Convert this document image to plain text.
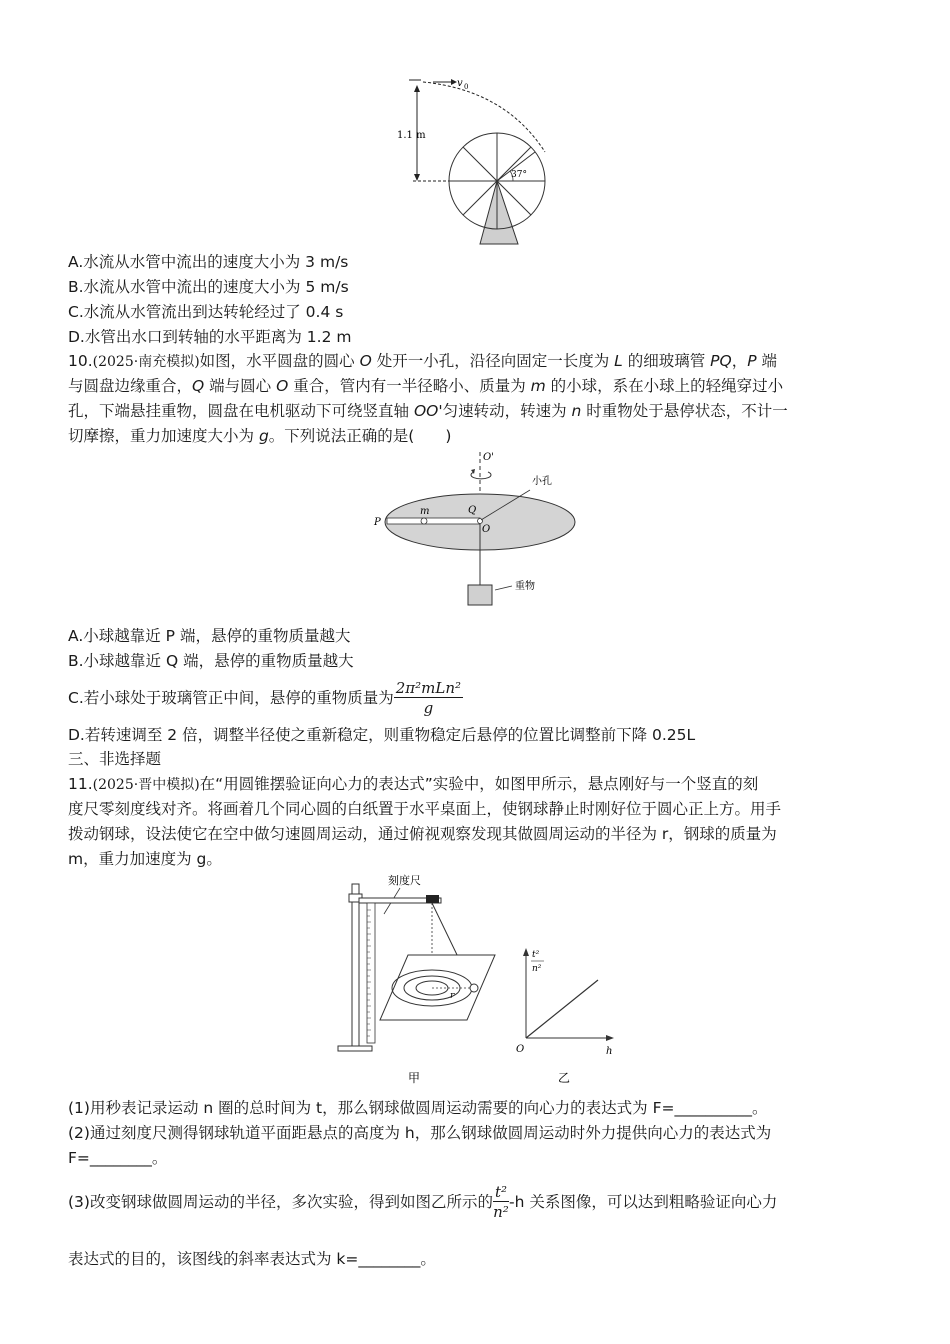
v 0
1.1 m
37°
A.水流从水管中流出的速度大小为 3 m/s
B.水流从水管中流出的速度大小为 5 m/s
C.水流从水管流出到达转轮经过了 0.4 s
D.水管出水口到转轴的水平距离为 1.2 m
10.(2025·南充模拟)如图，水平圆盘的圆心 O 处开一小孔，沿径向固定一长度为 L 的细玻璃管 PQ，P 端
与圆盘边缘重合，Q 端与圆心 O 重合，管内有一半径略小、质量为 m 的小球，系在小球上的轻绳穿过小
孔，下端悬挂重物，圆盘在电机驱动下可绕竖直轴 OO'匀速转动，转速为 n 时重物处于悬停状态，不计一
切摩擦，重力加速度大小为 g。下列说法正确的是(　　)
O'
P
m	Q
O
小孔
重物
A.小球越靠近 P 端，悬停的重物质量越大
B.小球越靠近 Q 端，悬停的重物质量越大
C.若小球处于玻璃管正中间，悬停的重物质量为 $\frac{\text{2π²mLn²}}{g}$
D.若转速调至 2 倍，调整半径使之重新稳定，则重物稳定后悬停的位置比调整前下降 0.25L
三、非选择题
11.(2025·晋中模拟)在“用圆锥摆验证向心力的表达式”实验中，如图甲所示，悬点刚好与一个竖直的刻
度尺零刻度线对齐。将画着几个同心圆的白纸置于水平桌面上，使钢球静止时刚好位于圆心正上方。用手
拨动钢球，设法使它在空中做匀速圆周运动，通过俯视观察发现其做圆周运动的半径为 r，钢球的质量为
m，重力加速度为 g。
刻度尺
r
甲
t²
n²
O	h
乙
(1)用秒表记录运动 n 圈的总时间为 t，那么钢球做圆周运动需要的向心力的表达式为 F=__________。
(2)通过刻度尺测得钢球轨道平面距悬点的高度为 h，那么钢球做圆周运动时外力提供向心力的表达式为
F=________。
(3)改变钢球做圆周运动的半径，多次实验，得到如图乙所示的 $\frac{\text{t²}}{\text{n²}} -h$ 关系图像，可以达到粗略验证向心力
表达式的目的，该图线的斜率表达式为 k=________。
